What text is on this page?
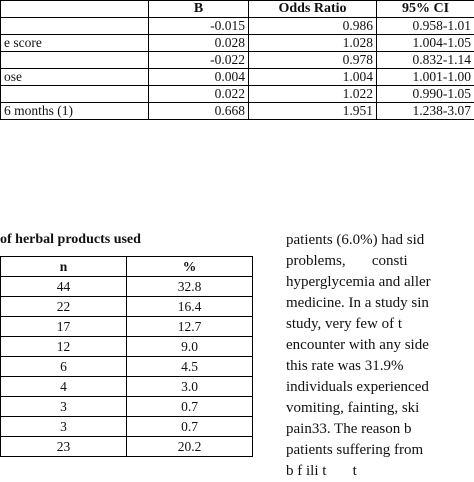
	B	Odds Ratio	95% CI
	-0.015	0.986	0.958-1.01
e score	0.028	1.028	1.004-1.05
	-0.022	0.978	0.832-1.14
ose	0.004	1.004	1.001-1.00
	0.022	1.022	0.990-1.05
6 months (1)	0.668	1.951	1.238-3.07
of herbal products used
n	%
44	32.8
22	16.4
17	12.7
12	9.0
6	4.5
4	3.0
3	0.7
3	0.7
23	20.2
patients (6.0%) had sid
problems,       consti
hyperglycemia and aller
medicine. In a study sin
study, very few of t
encounter with any side
this rate was 31.9%
individuals experienced
vomiting, fainting, ski
pain33. The reason b
patients suffering from
b f ili t       t
